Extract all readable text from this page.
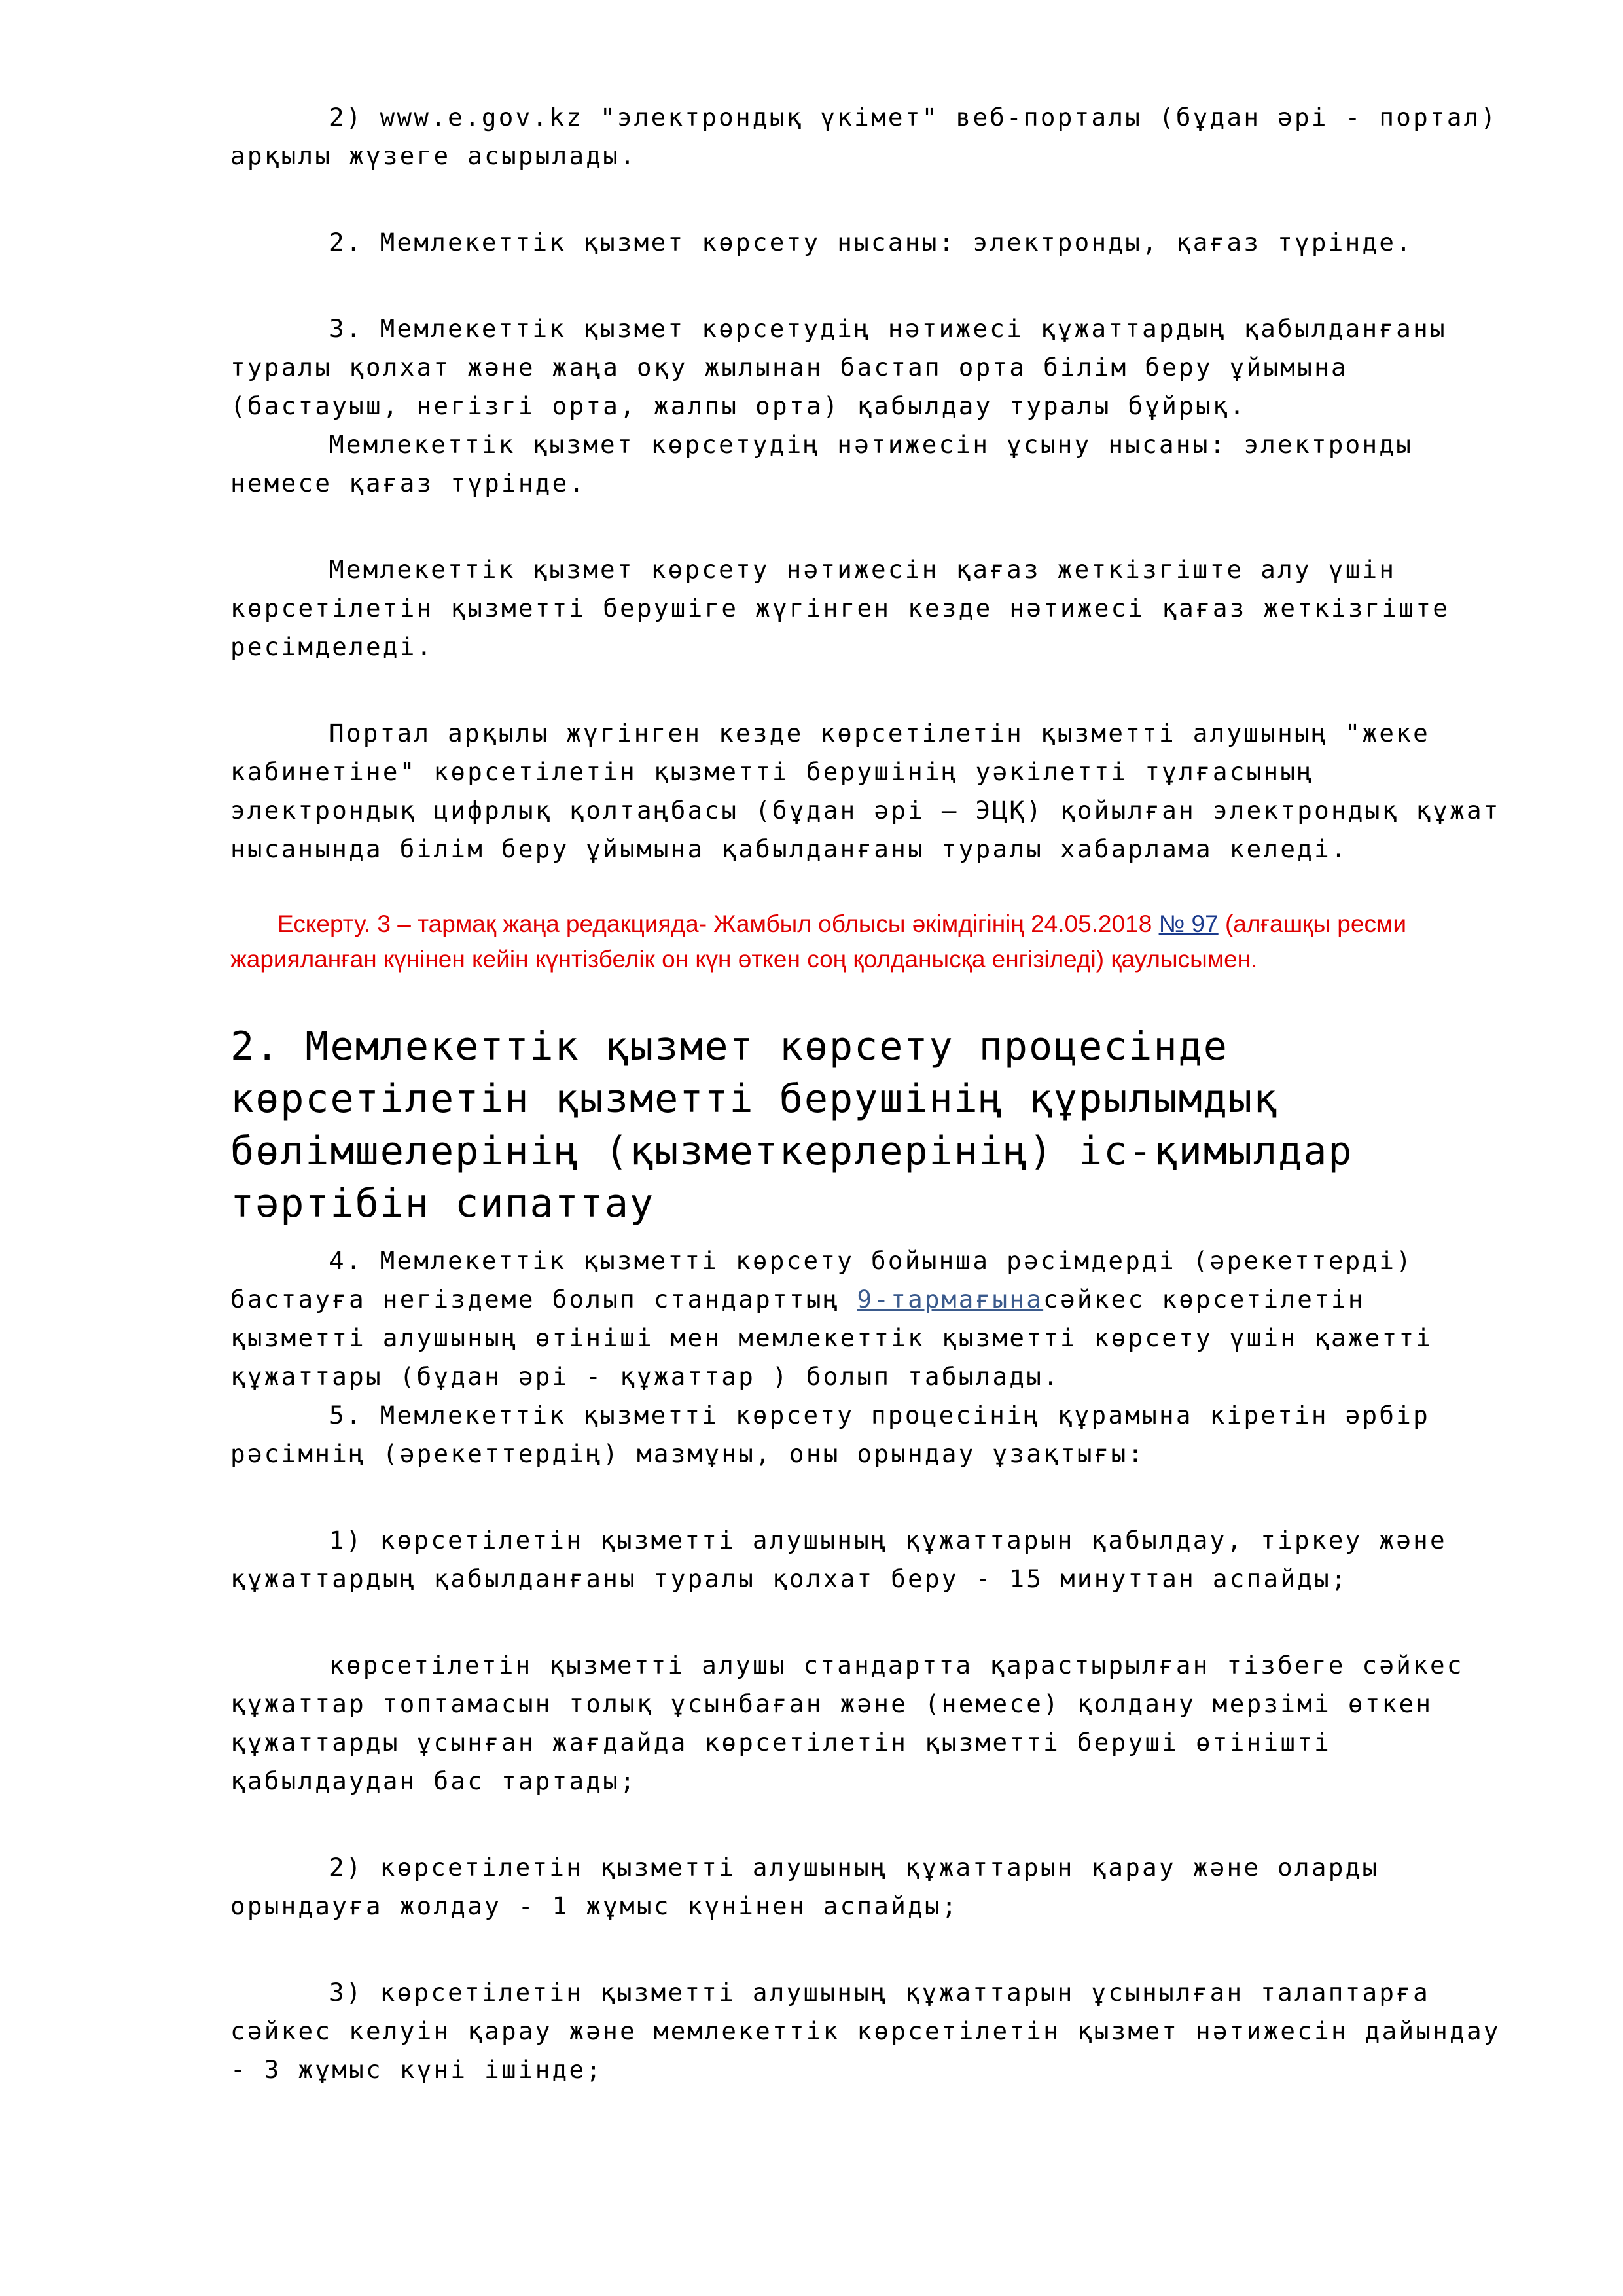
2) www.e.gov.kz "электрондық үкімет" веб-порталы (бұдан әрі - портал) арқылы жүзеге асырылады.

2. Мемлекеттік қызмет көрсету нысаны: электронды, қағаз түрінде.

3. Мемлекеттік қызмет көрсетудің нәтижесі құжаттардың қабылданғаны туралы қолхат және жаңа оқу жылынан бастап орта білім беру ұйымына (бастауыш, негізгі орта, жалпы орта) қабылдау туралы бұйрық.

Мемлекеттік қызмет көрсетудің нәтижесін ұсыну нысаны: электронды немесе қағаз түрінде.

Мемлекеттік қызмет көрсету нәтижесін қағаз жеткізгіште алу үшін көрсетілетін қызметті берушіге жүгінген кезде нәтижесі қағаз жеткізгіште ресімделеді.

Портал арқылы жүгінген кезде көрсетілетін қызметті алушының "жеке кабинетіне" көрсетілетін қызметті берушінің уәкілетті тұлғасының электрондық цифрлық қолтаңбасы (бұдан әрі – ЭЦҚ) қойылған электрондық құжат нысанында білім беру ұйымына қабылданғаны туралы хабарлама келеді.

Ескерту. 3 – тармақ жаңа редакцияда- Жамбыл облысы әкімдігінің 24.05.2018 № 97 (алғашқы ресми жарияланған күнінен кейін күнтізбелік он күн өткен соң қолданысқа енгізіледі) қаулысымен.

2. Мемлекеттік қызмет көрсету процесінде көрсетілетін қызметті берушінің құрылымдық бөлімшелерінің (қызметкерлерінің) іс-қимылдар тәртібін сипаттау

4. Мемлекеттік қызметті көрсету бойынша рәсімдерді (әрекеттерді) бастауға негіздеме болып стандарттың 9-тармағынасәйкес көрсетілетін қызметті алушының өтініші мен мемлекеттік қызметті көрсету үшін қажетті құжаттары (бұдан әрі - құжаттар ) болып табылады.

5. Мемлекеттік қызметті көрсету процесінің құрамына кіретін әрбір рәсімнің (әрекеттердің) мазмұны, оны орындау ұзақтығы:

1) көрсетілетін қызметті алушының құжаттарын қабылдау, тіркеу және құжаттардың қабылданғаны туралы қолхат беру - 15 минуттан аспайды;

көрсетілетін қызметті алушы стандартта қарастырылған тізбеге сәйкес құжаттар топтамасын толық ұсынбаған және (немесе) қолдану мерзімі өткен құжаттарды ұсынған жағдайда көрсетілетін қызметті беруші өтінішті қабылдаудан бас тартады;

2) көрсетілетін қызметті алушының құжаттарын қарау және оларды орындауға жолдау - 1 жұмыс күнінен аспайды;

3) көрсетілетін қызметті алушының құжаттарын ұсынылған талаптарға сәйкес келуін қарау және мемлекеттік көрсетілетін қызмет нәтижесін дайындау - 3 жұмыс күні ішінде;
